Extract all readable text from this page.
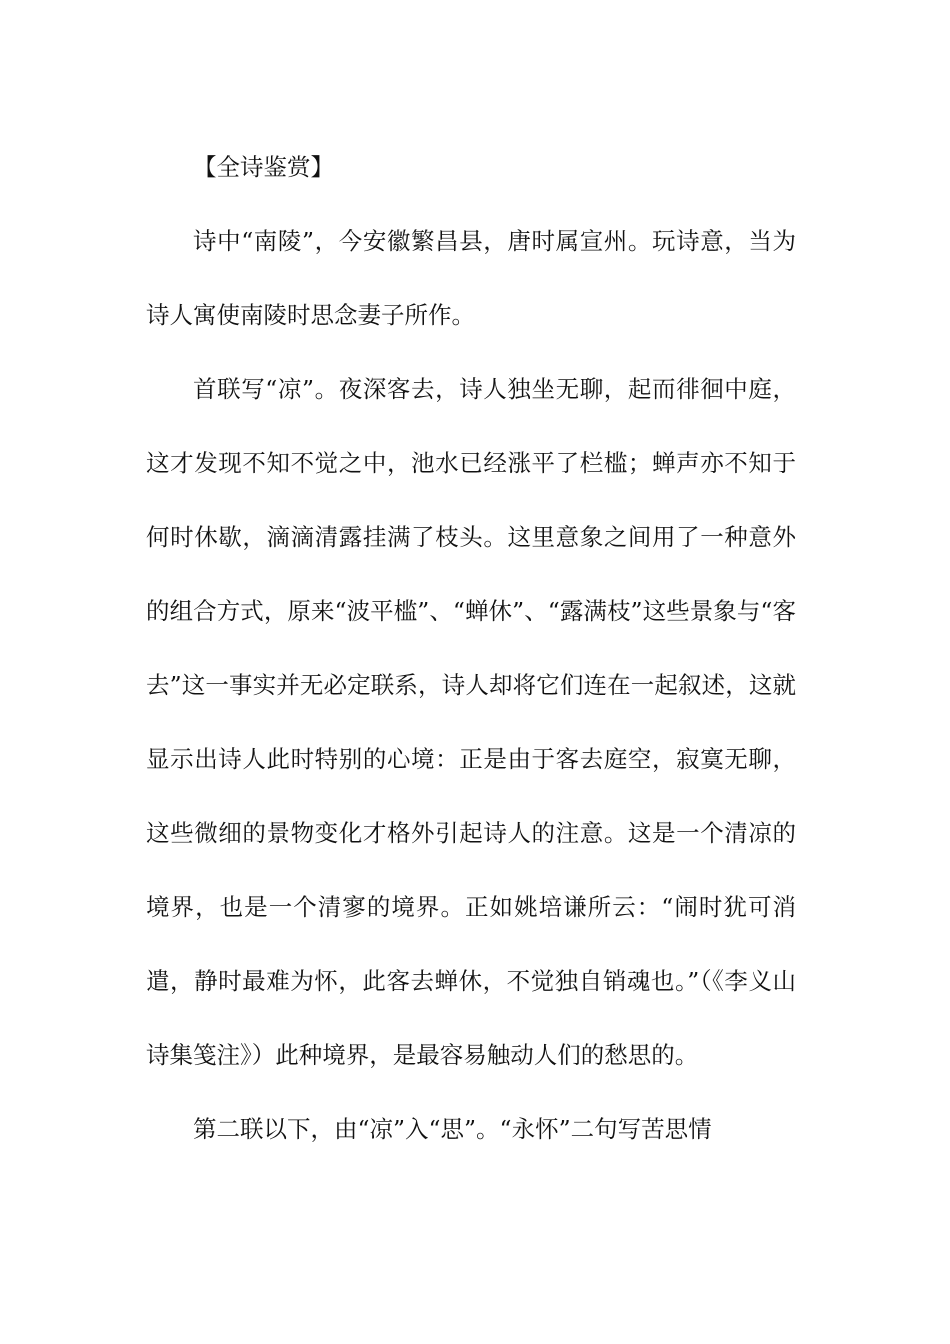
【全诗鉴赏】

诗中“南陵”，今安徽繁昌县，唐时属宣州。玩诗意，当为诗人寓使南陵时思念妻子所作。

首联写“凉”。夜深客去，诗人独坐无聊，起而徘徊中庭，这才发现不知不觉之中，池水已经涨平了栏槛；蝉声亦不知于何时休歇，滴滴清露挂满了枝头。这里意象之间用了一种意外的组合方式，原来“波平槛”、“蝉休”、“露满枝”这些景象与“客去”这一事实并无必定联系，诗人却将它们连在一起叙述，这就显示出诗人此时特别的心境：正是由于客去庭空，寂寞无聊，这些微细的景物变化才格外引起诗人的注意。这是一个清凉的境界，也是一个清寥的境界。正如姚培谦所云：“闹时犹可消遣，静时最难为怀，此客去蝉休，不觉独自销魂也。”（《李义山诗集笺注》）此种境界，是最容易触动人们的愁思的。

第二联以下，由“凉”入“思”。“永怀”二句写苦思情
